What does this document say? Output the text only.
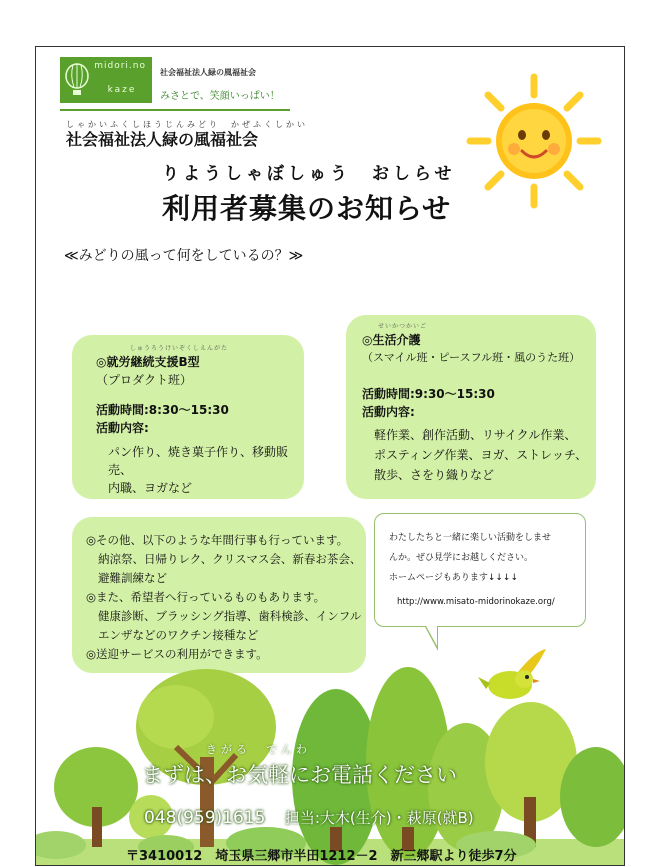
midori.no
kaze
社会福祉法人緑の風福祉会
みさとで、笑顔いっぱい！
しゃかいふくしほうじんみどり　かぜふくしかい
社会福祉法人緑の風福祉会
りようしゃぼしゅう　おしらせ
利用者募集のお知らせ
≪みどりの風って何をしているの？≫
しゅうろうけいぞくしえんがた
◎就労継続支援B型
（プロダクト班）
活動時間:8:30～15:30
活動内容:
パン作り、焼き菓子作り、移動販売、
内職、ヨガなど
せいかつかいご
◎生活介護
（スマイル班・ピースフル班・風のうた班）
活動時間:9:30～15:30
活動内容:
軽作業、創作活動、リサイクル作業、
ポスティング作業、ヨガ、ストレッチ、
散歩、さをり織りなど
◎その他、以下のような年間行事も行っています。
納涼祭、日帰りレク、クリスマス会、新春お茶会、
避難訓練など
◎また、希望者へ行っているものもあります。
健康診断、ブラッシング指導、歯科検診、インフル
エンザなどのワクチン接種など
◎送迎サービスの利用ができます。
わたしたちと一緒に楽しい活動をしませ
んか。ぜひ見学にお越しください。
ホームページもあります↓↓↓↓
http://www.misato-midorinokaze.org/
きがる　でんわ
まずは、お気軽にお電話ください
048(959)1615 担当:大木(生介)・萩原(就B)
〒3410012　埼玉県三郷市半田1212－2　新三郷駅より徒歩7分
